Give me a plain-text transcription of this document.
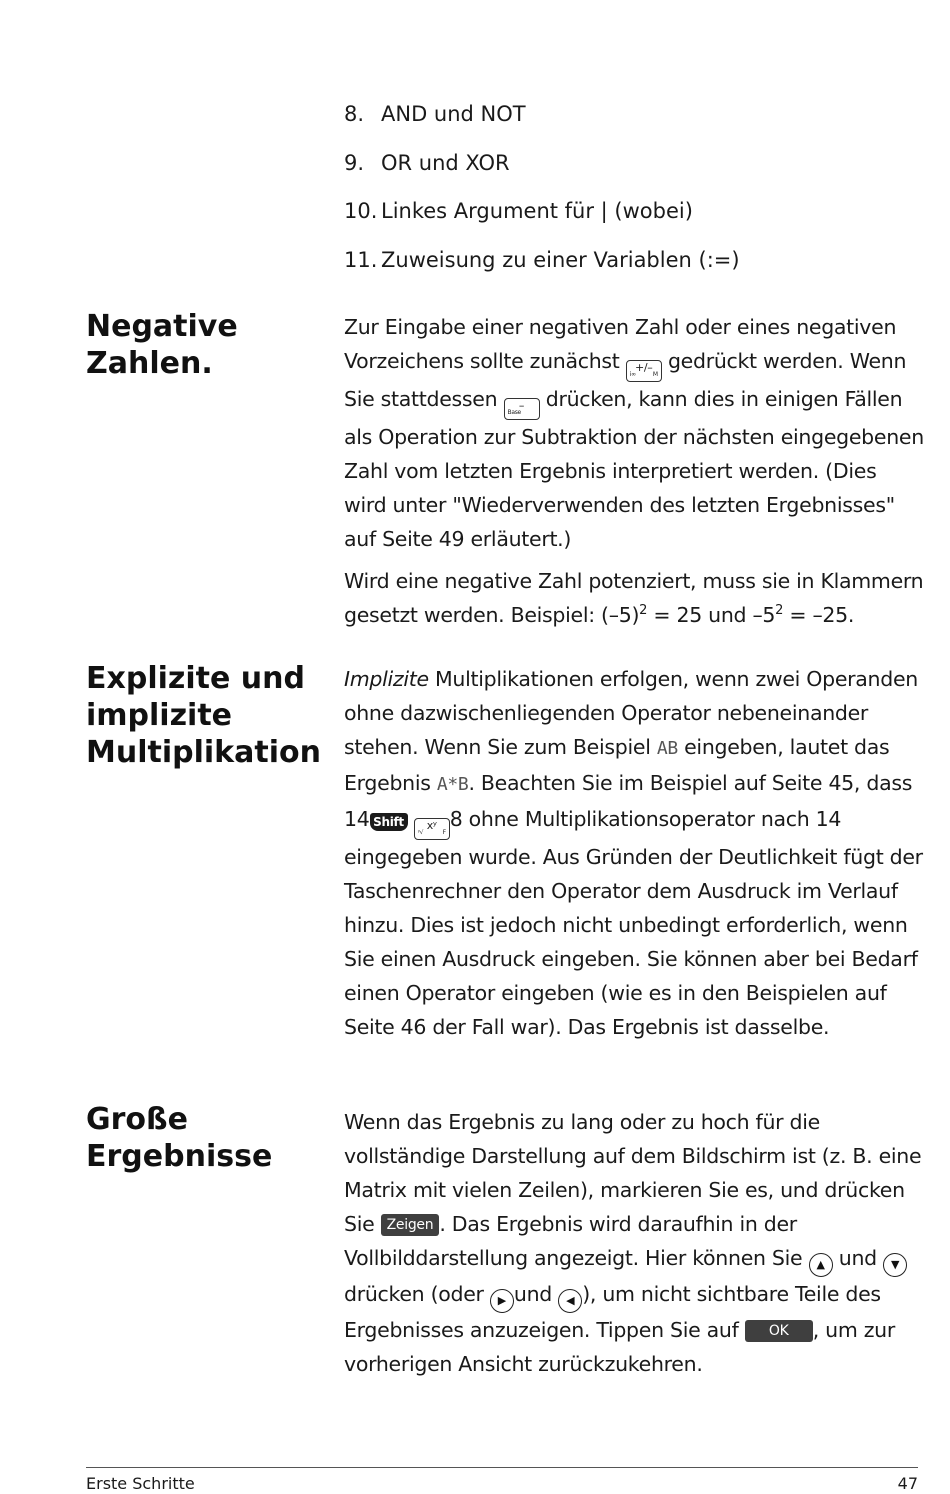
8. AND und NOT
9. OR und XOR
10. Linkes Argument für | (wobei)
11. Zuweisung zu einer Variablen (:=)
Negative
Zahlen.

Zur Eingabe einer negativen Zahl oder eines negativen Vorzeichens sollte zunächst +/–
i∞	M
gedrückt werden. Wenn Sie stattdessen	–
Base
drücken, kann dies in einigen Fällen als Operation zur Subtraktion der nächsten eingegebenen Zahl vom letzten Ergebnis interpretiert werden. (Dies wird unter "Wiederverwenden des letzten Ergebnisses" auf Seite 49 erläutert.)

Wird eine negative Zahl potenziert, muss sie in Klammern gesetzt werden. Beispiel: $(-5)^2 = 25$ und $-5^2 = -25$.

Explizite und
implizite
Multiplikation

Implizite Multiplikationen erfolgen, wenn zwei Operanden ohne dazwischenliegenden Operator nebeneinander stehen. Wenn Sie zum Beispiel AB eingeben, lautet das Ergebnis A*B. Beachten Sie im Beispiel auf Seite 45, dass 14 Shift	xʸ
ʸ√	F
8 ohne Multiplikationsoperator nach 14 eingegeben wurde. Aus Gründen der Deutlichkeit fügt der Taschenrechner den Operator dem Ausdruck im Verlauf hinzu. Dies ist jedoch nicht unbedingt erforderlich, wenn Sie einen Ausdruck eingeben. Sie können aber bei Bedarf einen Operator eingeben (wie es in den Beispielen auf Seite 46 der Fall war). Das Ergebnis ist dasselbe.

Große
Ergebnisse

Wenn das Ergebnis zu lang oder zu hoch für die vollständige Darstellung auf dem Bildschirm ist (z. B. eine Matrix mit vielen Zeilen), markieren Sie es, und drücken Sie Zeigen . Das Ergebnis wird daraufhin in der Vollbilddarstellung angezeigt. Hier können Sie ▲ und ▼ drücken (oder ▶ und ◀ ), um nicht sichtbare Teile des Ergebnisses anzuzeigen. Tippen Sie auf OK , um zur vorherigen Ansicht zurückzukehren.

Erste Schritte	47
